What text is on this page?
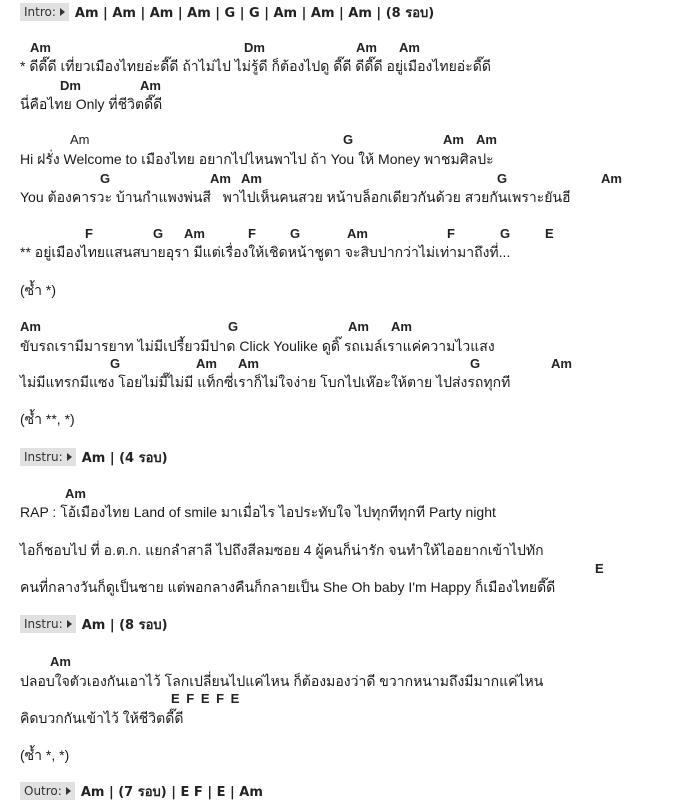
Intro: Am | Am | Am | Am | G | G | Am | Am | Am | (8 รอบ)
Am	Dm	Am Am
* ดีดี๊ดี เที่ยวเมืองไทยอ่ะดี๊ดี ถ้าไม่ไป ไม่รู้ดี ก็ต้องไปดู ดี๊ดี ดีดี๊ดี อยู่เมืองไทยอ่ะดี๊ดี
Dm	Am
นี่คือไทย Only ที่ชีวิตดี๊ดี
Am	G	Am Am
Hi ฝรั่ง Welcome to เมืองไทย อยากไปไหนพาไป ถ้า You ให้ Money พาชมศิลปะ
G	Am Am	G	Am
You ต้องคารวะ บ้านกำแพงพ่นสี   พาไปเห็นคนสวย หน้าบล็อกเดียวกันด้วย สวยกันเพราะยันฮี
F	G Am	F	G	Am	F	G	E
** อยู่เมืองไทยแสนสบายอุรา มีแต่เรื่องให้เชิดหน้าชูตา จะสิบปากว่าไม่เท่ามาถึงที่...
(ซ้ำ *)
Am	G	Am Am
ขับรถเรามีมารยาท ไม่มีเปรี้ยวมีปาด Click Youlike ดูดิ๊ รถเมล์เราแค่ความไวแสง
G	Am Am	G	Am
ไม่มีแทรกมีแซง โอยไม่มี๊ไม่มี แท็กซี่เราก็ไม่ใจง่าย โบกไปเห๊อะให้ตาย ไปส่งรถทุกที
(ซ้ำ **, *)
Instru: Am | (4 รอบ)
Am
RAP : โอ้เมืองไทย Land of smile มาเมื่อไร ไอประทับใจ ไปทุกทีทุกที Party night
ไอก็ชอบไป ที่ อ.ต.ก. แยกลำสาลี ไปถึงสีลมซอย 4 ผู้คนก็น่ารัก จนทำให้ไออยากเข้าไปทัก
E
คนที่กลางวันก็ดูเป็นชาย แต่พอกลางคืนก็กลายเป็น She Oh baby I'm Happy ก็เมืองไทยดี๊ดี
Instru: Am | (8 รอบ)
Am
ปลอบใจตัวเองกันเอาไว้ โลกเปลี่ยนไปแค่ไหน ก็ต้องมองว่าดี ขวากหนามถึงมีมากแค่ไหน
E F E F E
คิดบวกกันเข้าไว้ ให้ชีวิตดี๊ดี
(ซ้ำ *, *)
Outro: Am | (7 รอบ) | E F | E | Am
